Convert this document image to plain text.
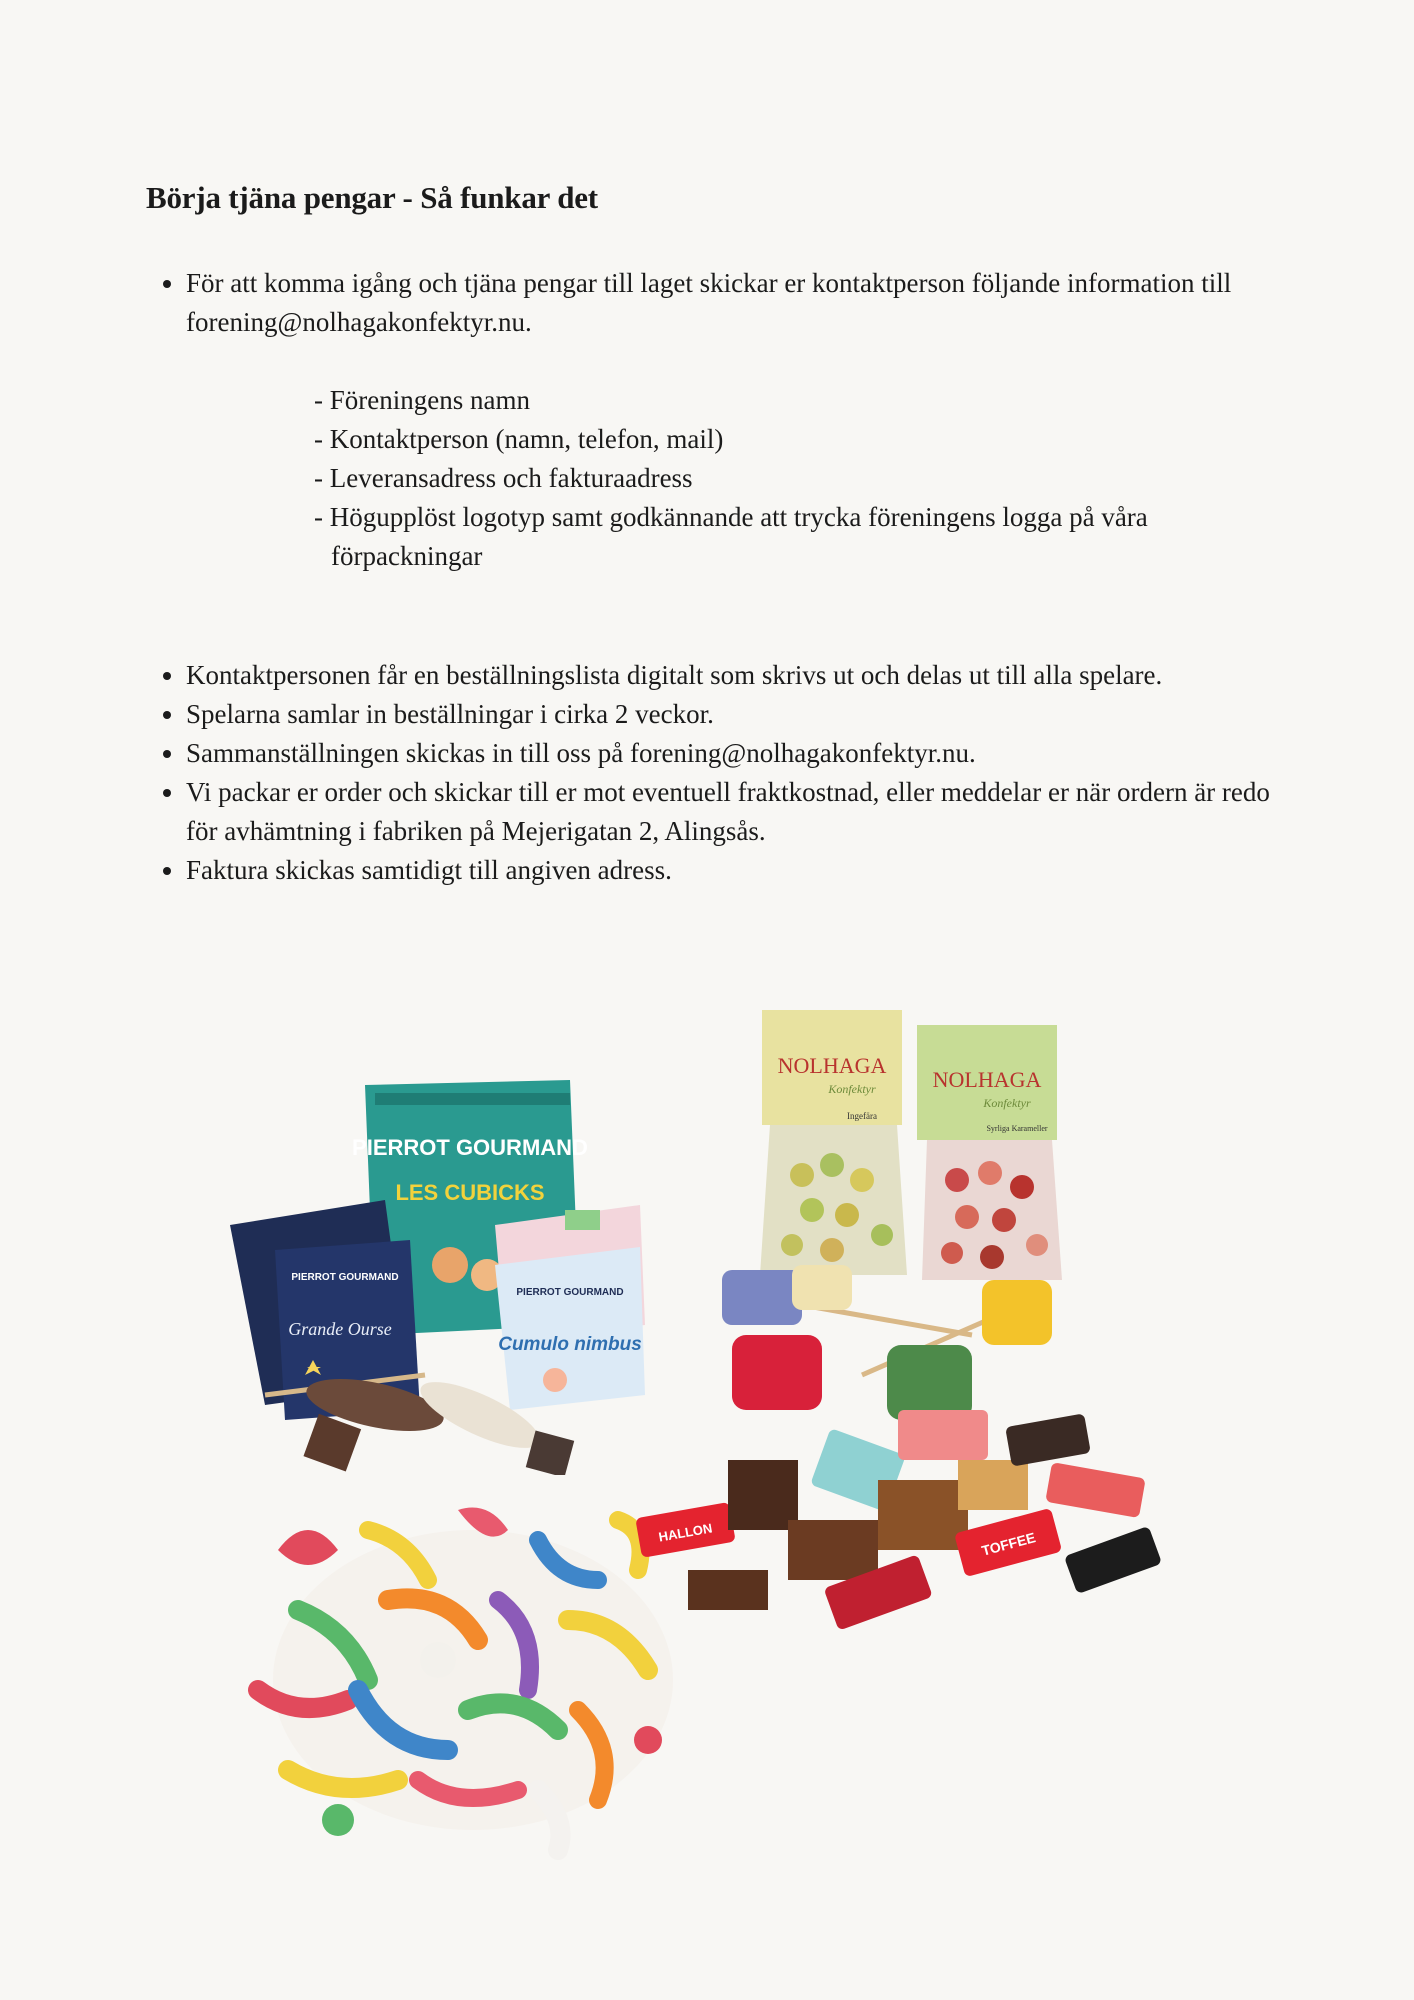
Börja tjäna pengar - Så funkar det
• För att komma igång och tjäna pengar till laget skickar er kontaktperson följande information till forening@nolhagakonfektyr.nu.
- Föreningens namn
- Kontaktperson (namn, telefon, mail)
- Leveransadress och fakturaadress
- Högupplöst logotyp samt godkännande att trycka föreningens logga på våra förpackningar
• Kontaktpersonen får en beställningslista digitalt som skrivs ut och delas ut till alla spelare.
• Spelarna samlar in beställningar i cirka 2 veckor.
• Sammanställningen skickas in till oss på forening@nolhagakonfektyr.nu.
• Vi packar er order och skickar till er mot eventuell fraktkostnad, eller meddelar er när ordern är redo för avhämtning i fabriken på Mejerigatan 2, Alingsås.
• Faktura skickas samtidigt till angiven adress.
PIERROT GOURMAND
LES CUBICKS
PIERROT GOURMAND
Grande Ourse
PIERROT GOURMAND
Cumulo nimbus
NOLHAGA
Konfektyr
Ingefära
NOLHAGA
Konfektyr
Syrliga Karameller
HALLON	TOFFEE
